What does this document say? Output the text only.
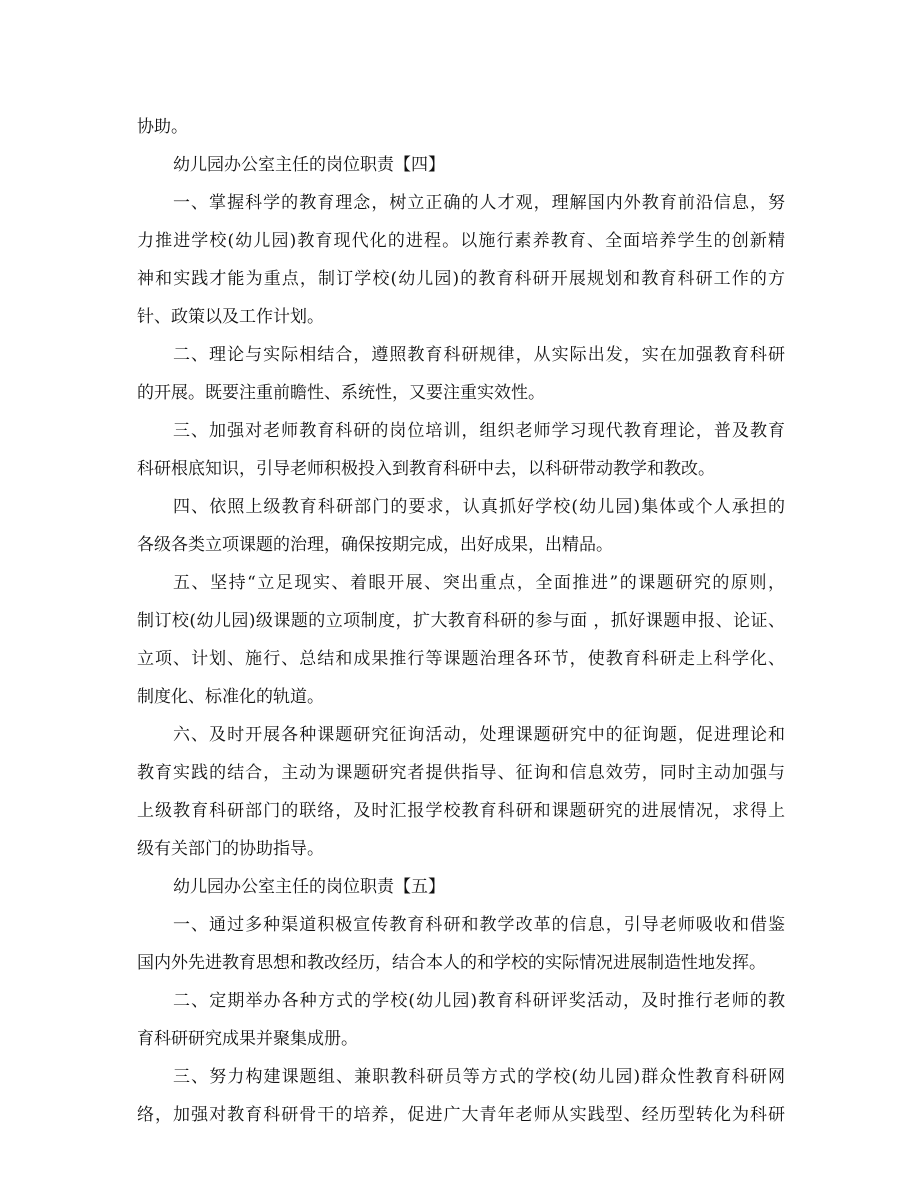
协助。
幼儿园办公室主任的岗位职责【四】
一、掌握科学的教育理念，树立正确的人才观，理解国内外教育前沿信息，努
力推进学校(幼儿园)教育现代化的进程。以施行素养教育、全面培养学生的创新精
神和实践才能为重点，制订学校(幼儿园)的教育科研开展规划和教育科研工作的方
针、政策以及工作计划。
二、理论与实际相结合，遵照教育科研规律，从实际出发，实在加强教育科研
的开展。既要注重前瞻性、系统性，又要注重实效性。
三、加强对老师教育科研的岗位培训，组织老师学习现代教育理论，普及教育
科研根底知识，引导老师积极投入到教育科研中去，以科研带动教学和教改。
四、依照上级教育科研部门的要求，认真抓好学校(幼儿园)集体或个人承担的
各级各类立项课题的治理，确保按期完成，出好成果，出精品。
五、坚持“立足现实、着眼开展、突出重点，全面推进”的课题研究的原则，
制订校(幼儿园)级课题的立项制度，扩大教育科研的参与面 ，抓好课题申报、论证、
立项、计划、施行、总结和成果推行等课题治理各环节，使教育科研走上科学化、
制度化、标准化的轨道。
六、及时开展各种课题研究征询活动，处理课题研究中的征询题，促进理论和
教育实践的结合，主动为课题研究者提供指导、征询和信息效劳，同时主动加强与
上级教育科研部门的联络，及时汇报学校教育科研和课题研究的进展情况，求得上
级有关部门的协助指导。
幼儿园办公室主任的岗位职责【五】
一、通过多种渠道积极宣传教育科研和教学改革的信息，引导老师吸收和借鉴
国内外先进教育思想和教改经历，结合本人的和学校的实际情况进展制造性地发挥。
二、定期举办各种方式的学校(幼儿园)教育科研评奖活动，及时推行老师的教
育科研研究成果并聚集成册。
三、努力构建课题组、兼职教科研员等方式的学校(幼儿园)群众性教育科研网
络，加强对教育科研骨干的培养，促进广大青年老师从实践型、经历型转化为科研
